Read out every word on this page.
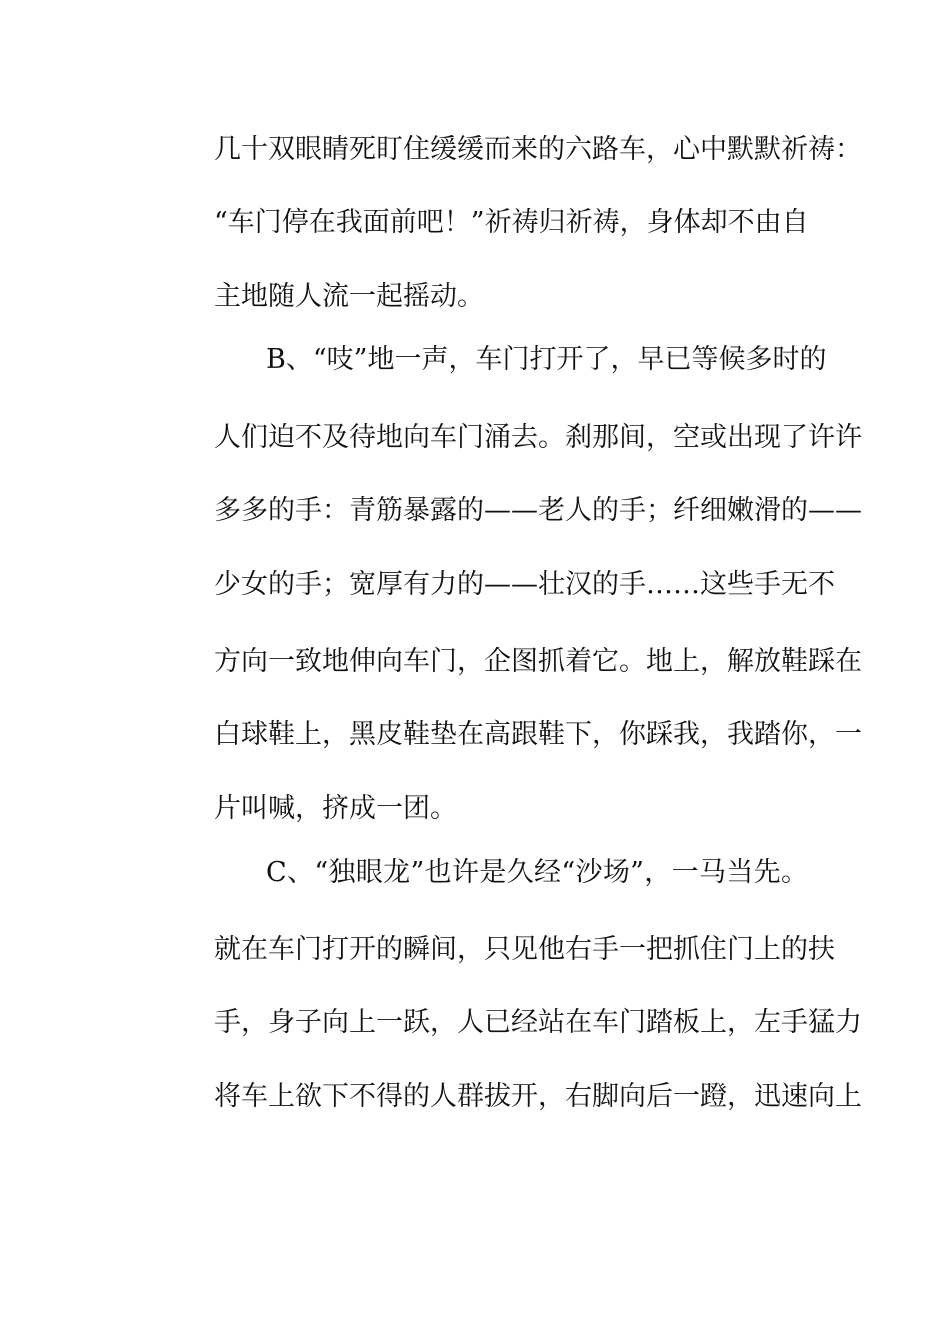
几十双眼睛死盯住缓缓而来的六路车，心中默默祈祷：
“车门停在我面前吧！”祈祷归祈祷，身体却不由自
主地随人流一起摇动。
B、“吱”地一声，车门打开了，早已等候多时的
人们迫不及待地向车门涌去。刹那间，空或出现了许许
多多的手：青筋暴露的——老人的手；纤细嫩滑的——
少女的手；宽厚有力的——壮汉的手……这些手无不
方向一致地伸向车门，企图抓着它。地上，解放鞋踩在
白球鞋上，黑皮鞋垫在高跟鞋下，你踩我，我踏你，一
片叫喊，挤成一团。
C、“独眼龙”也许是久经“沙场”，一马当先。
就在车门打开的瞬间，只见他右手一把抓住门上的扶
手，身子向上一跃，人已经站在车门踏板上，左手猛力
将车上欲下不得的人群拔开，右脚向后一蹬，迅速向上
